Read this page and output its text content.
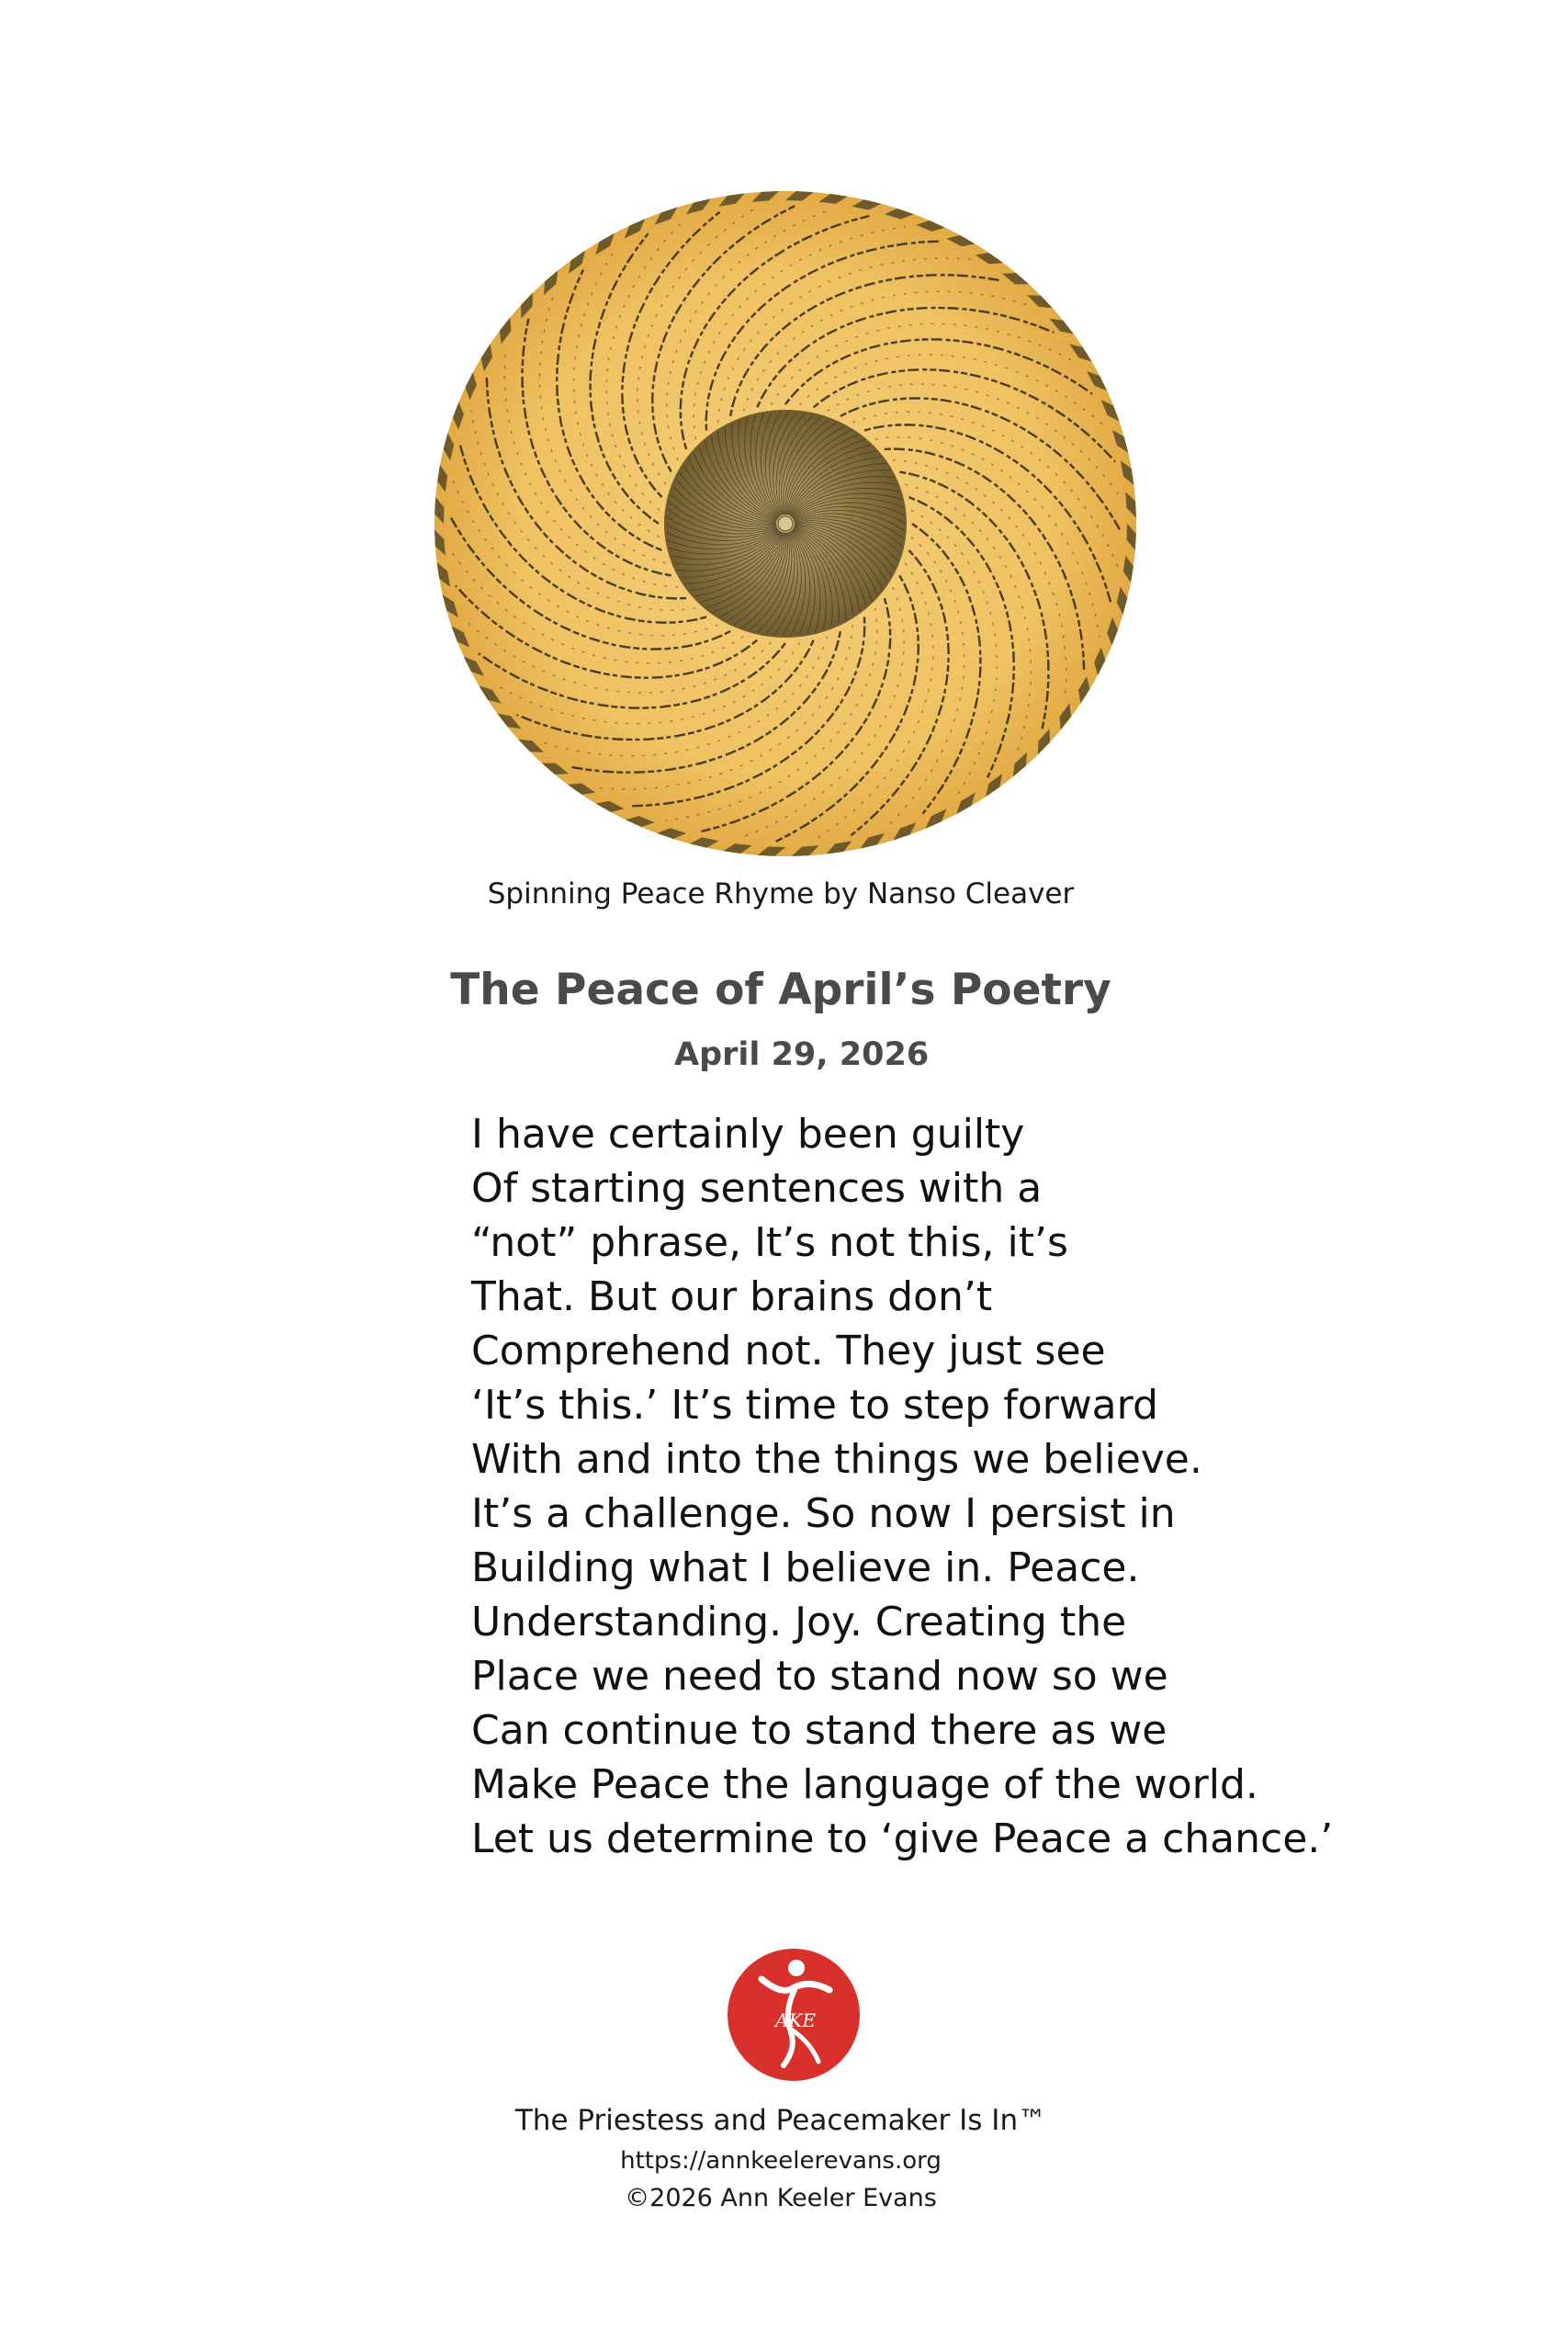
Spinning Peace Rhyme by Nanso Cleaver
The Peace of April’s Poetry
April 29, 2026
I have certainly been guilty
Of starting sentences with a
“not” phrase, It’s not this, it’s
That. But our brains don’t
Comprehend not. They just see
‘It’s this.’ It’s time to step forward
With and into the things we believe.
It’s a challenge. So now I persist in
Building what I believe in. Peace.
Understanding. Joy. Creating the
Place we need to stand now so we
Can continue to stand there as we
Make Peace the language of the world.
Let us determine to ‘give Peace a chance.’
AKE
The Priestess and Peacemaker Is In™
https://annkeelerevans.org
©2026 Ann Keeler Evans
